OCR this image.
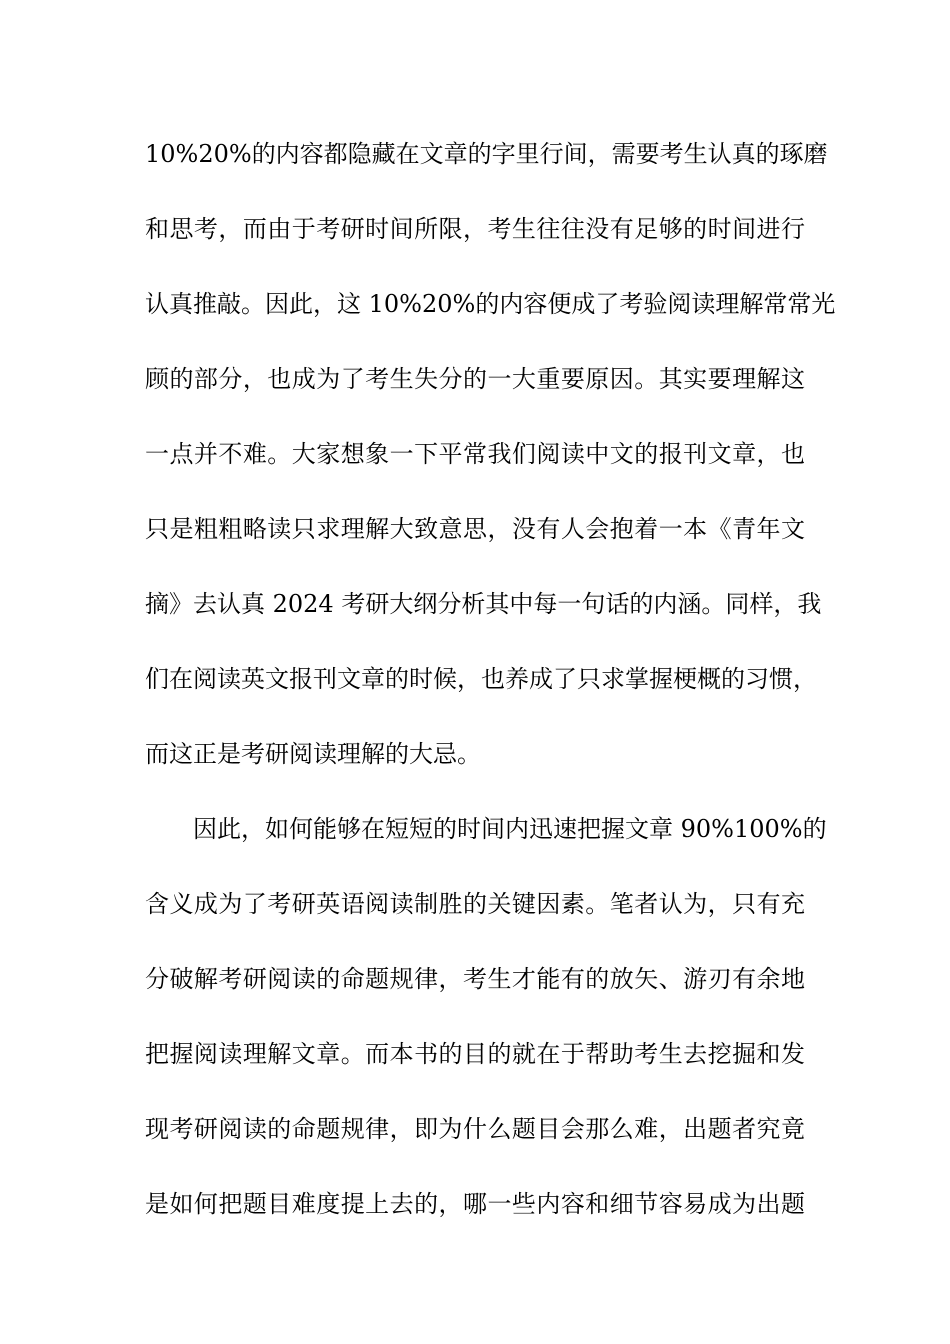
10%20%的内容都隐藏在文章的字里行间，需要考生认真的琢磨
和思考，而由于考研时间所限，考生往往没有足够的时间进行
认真推敲。因此，这 10%20%的内容便成了考验阅读理解常常光
顾的部分，也成为了考生失分的一大重要原因。其实要理解这
一点并不难。大家想象一下平常我们阅读中文的报刊文章，也
只是粗粗略读只求理解大致意思，没有人会抱着一本《青年文
摘》去认真 2024 考研大纲分析其中每一句话的内涵。同样，我
们在阅读英文报刊文章的时候，也养成了只求掌握梗概的习惯，
而这正是考研阅读理解的大忌。

因此，如何能够在短短的时间内迅速把握文章 90%100%的
含义成为了考研英语阅读制胜的关键因素。笔者认为，只有充
分破解考研阅读的命题规律，考生才能有的放矢、游刃有余地
把握阅读理解文章。而本书的目的就在于帮助考生去挖掘和发
现考研阅读的命题规律，即为什么题目会那么难，出题者究竟
是如何把题目难度提上去的，哪一些内容和细节容易成为出题
